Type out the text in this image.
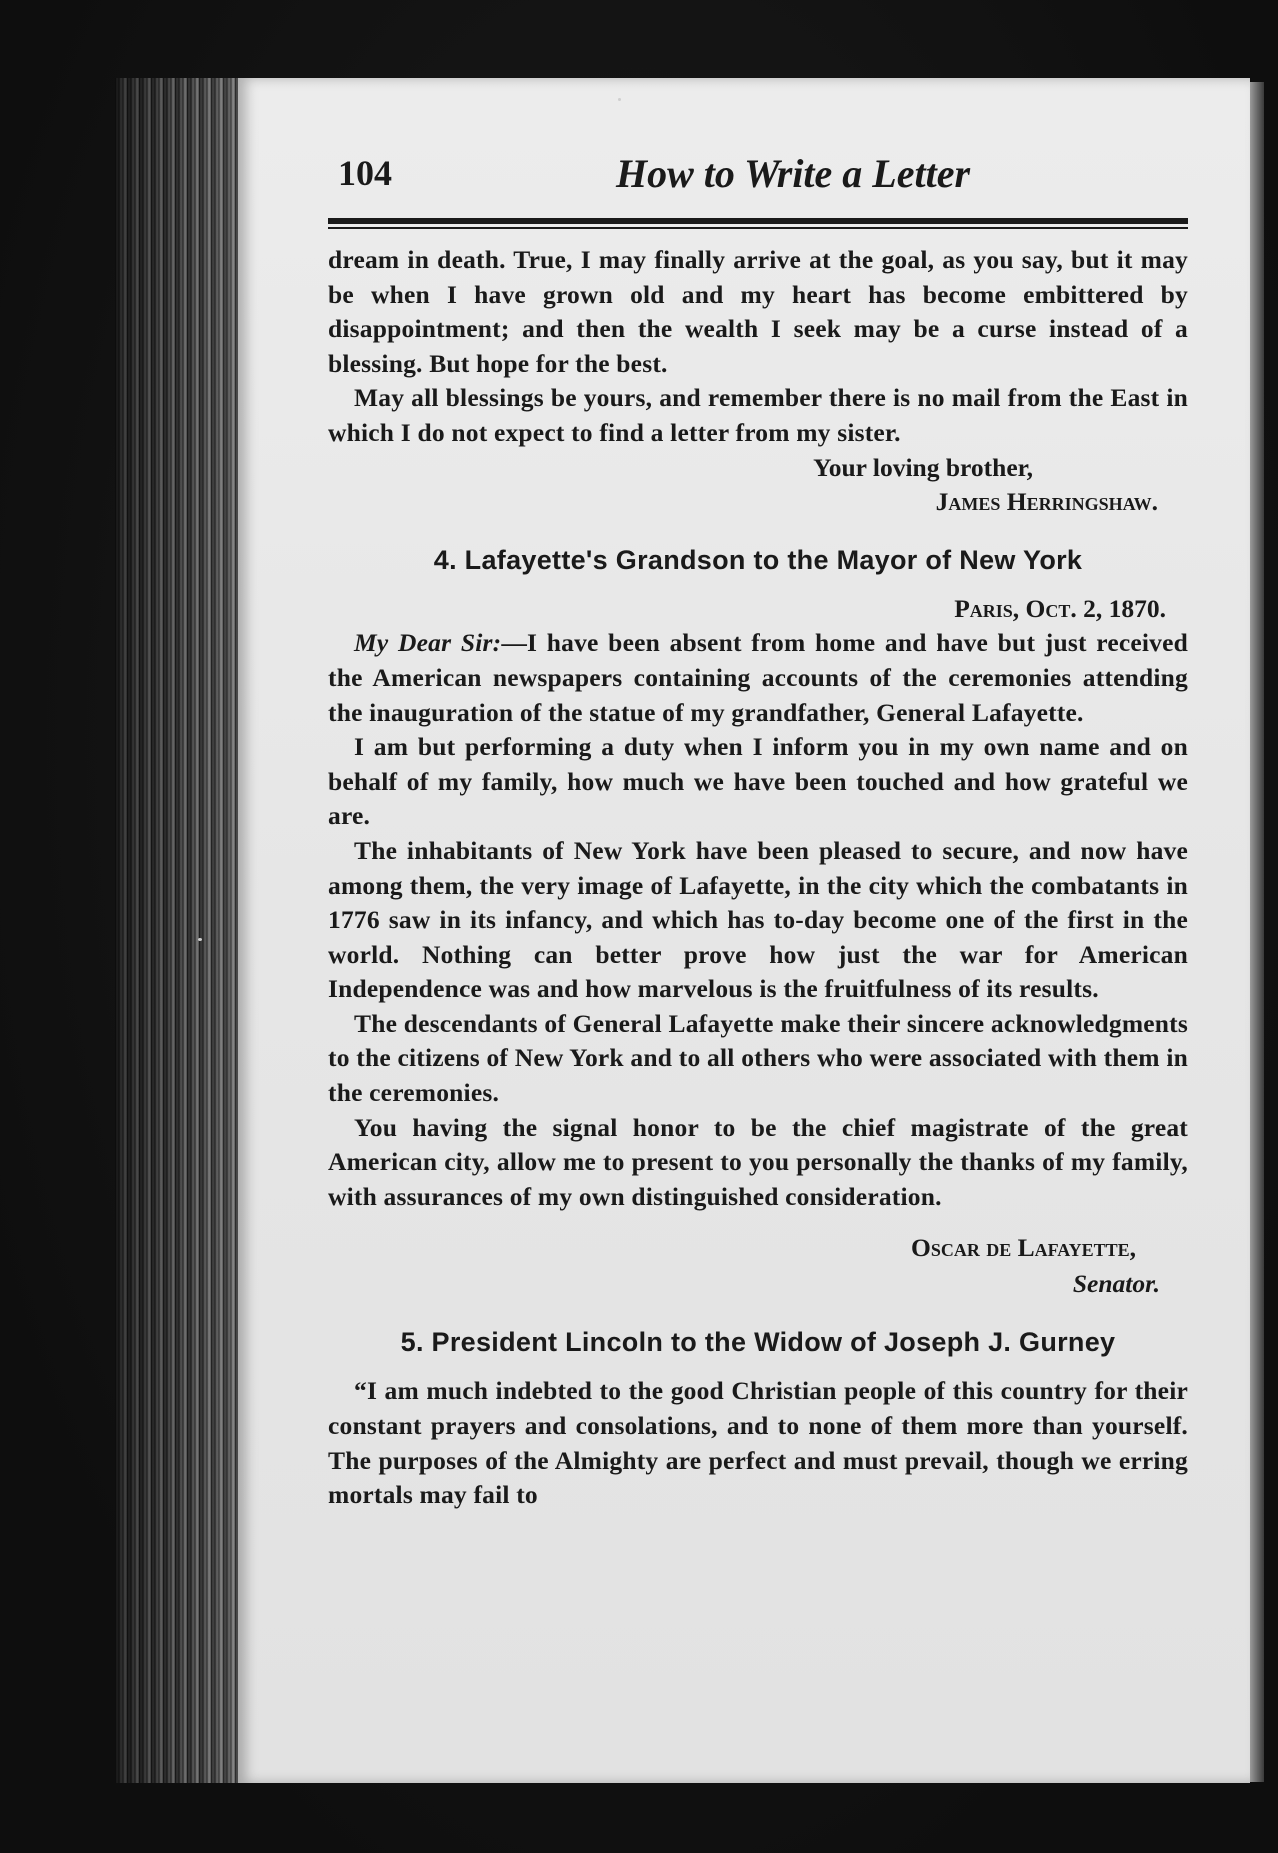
104	How to Write a Letter

dream in death. True, I may finally arrive at the goal, as you say, but it may be when I have grown old and my heart has become embittered by disappointment; and then the wealth I seek may be a curse instead of a blessing. But hope for the best.

May all blessings be yours, and remember there is no mail from the East in which I do not expect to find a letter from my sister.

Your loving brother,
James Herringshaw.
4. Lafayette's Grandson to the Mayor of New York
Paris, Oct. 2, 1870.

My Dear Sir:—I have been absent from home and have but just received the American newspapers containing accounts of the ceremonies attending the inauguration of the statue of my grandfather, General Lafayette.

I am but performing a duty when I inform you in my own name and on behalf of my family, how much we have been touched and how grateful we are.

The inhabitants of New York have been pleased to secure, and now have among them, the very image of Lafayette, in the city which the combatants in 1776 saw in its infancy, and which has to-day become one of the first in the world. Nothing can better prove how just the war for American Independence was and how marvelous is the fruitfulness of its results.

The descendants of General Lafayette make their sincere acknowledgments to the citizens of New York and to all others who were associated with them in the ceremonies.

You having the signal honor to be the chief magistrate of the great American city, allow me to present to you personally the thanks of my family, with assurances of my own distinguished consideration.

Oscar de Lafayette,
Senator.
5. President Lincoln to the Widow of Joseph J. Gurney

“I am much indebted to the good Christian people of this country for their constant prayers and consolations, and to none of them more than yourself. The purposes of the Almighty are perfect and must prevail, though we erring mortals may fail to
